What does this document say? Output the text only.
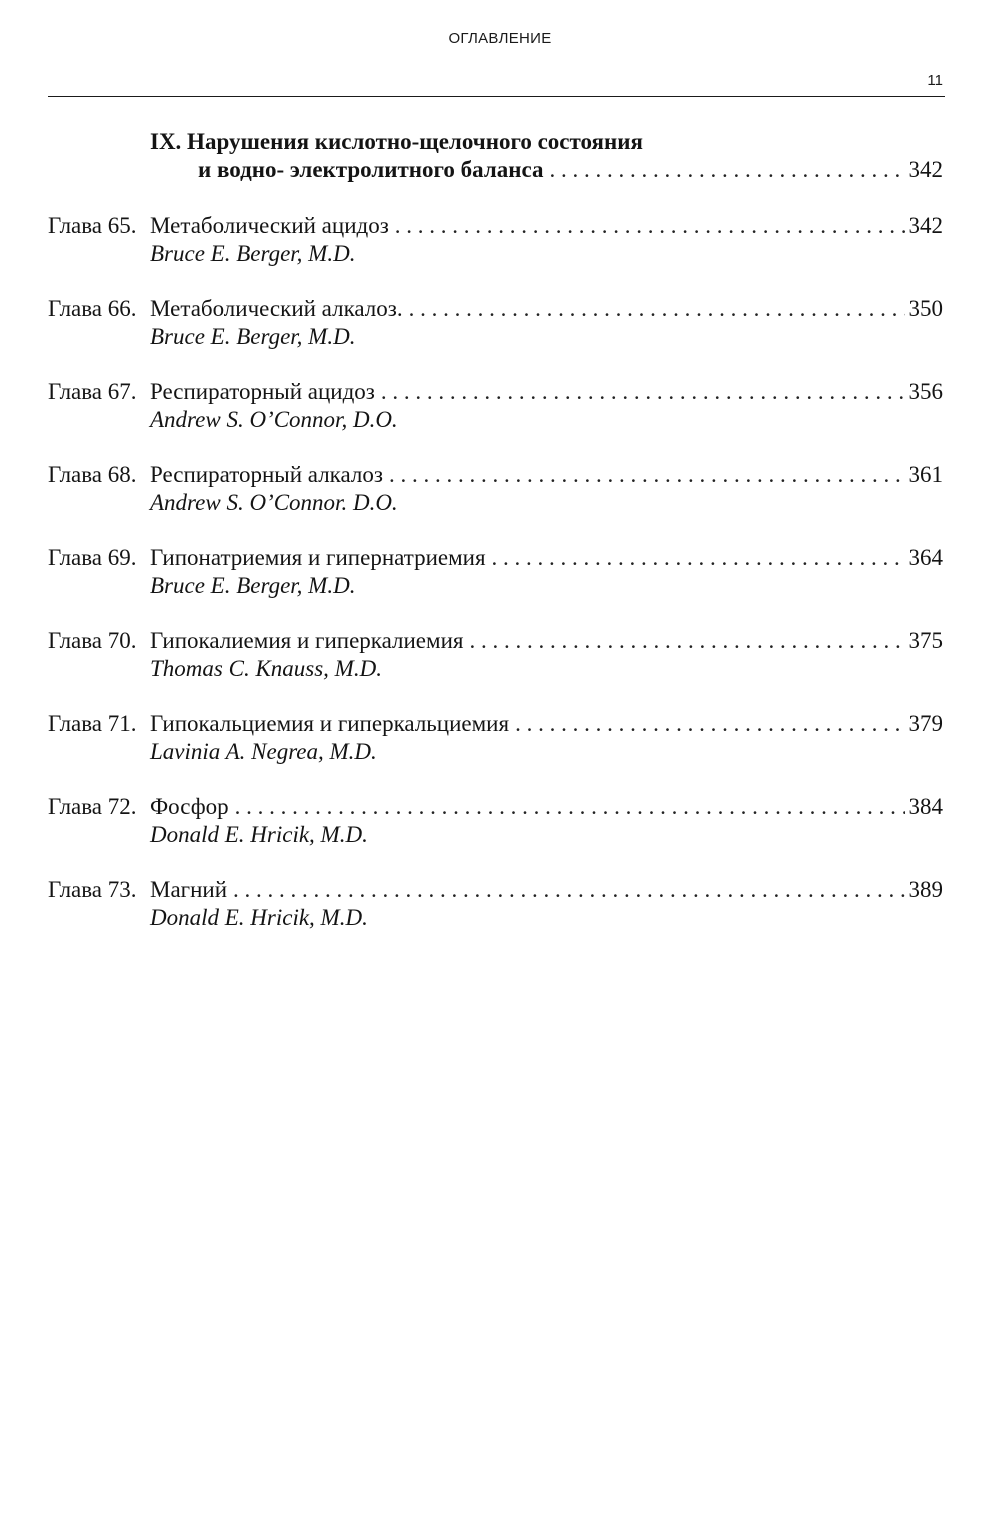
ОГЛАВЛЕНИЕ
11
IX. Нарушения кислотно-щелочного состояния
и водно- электролитного баланса . . .	342
Глава 65. Метаболический ацидоз . . .	342
Bruce E. Berger, M.D.
Глава 66. Метаболический алкалоз. . . .	350
Bruce E. Berger, M.D.
Глава 67. Респираторный ацидоз . . .	356
Andrew S. O’Connor, D.O.
Глава 68. Респираторный алкалоз . . .	361
Andrew S. O’Connor. D.O.
Глава 69. Гипонатриемия и гипернатриемия . . .	364
Bruce E. Berger, M.D.
Глава 70. Гипокалиемия и гиперкалиемия . . .	375
Thomas C. Knauss, M.D.
Глава 71. Гипокальциемия и гиперкальциемия . . .	379
Lavinia A. Negrea, M.D.
Глава 72. Фосфор . . .	384
Donald E. Hricik, M.D.
Глава 73. Магний . . .	389
Donald E. Hricik, M.D.
